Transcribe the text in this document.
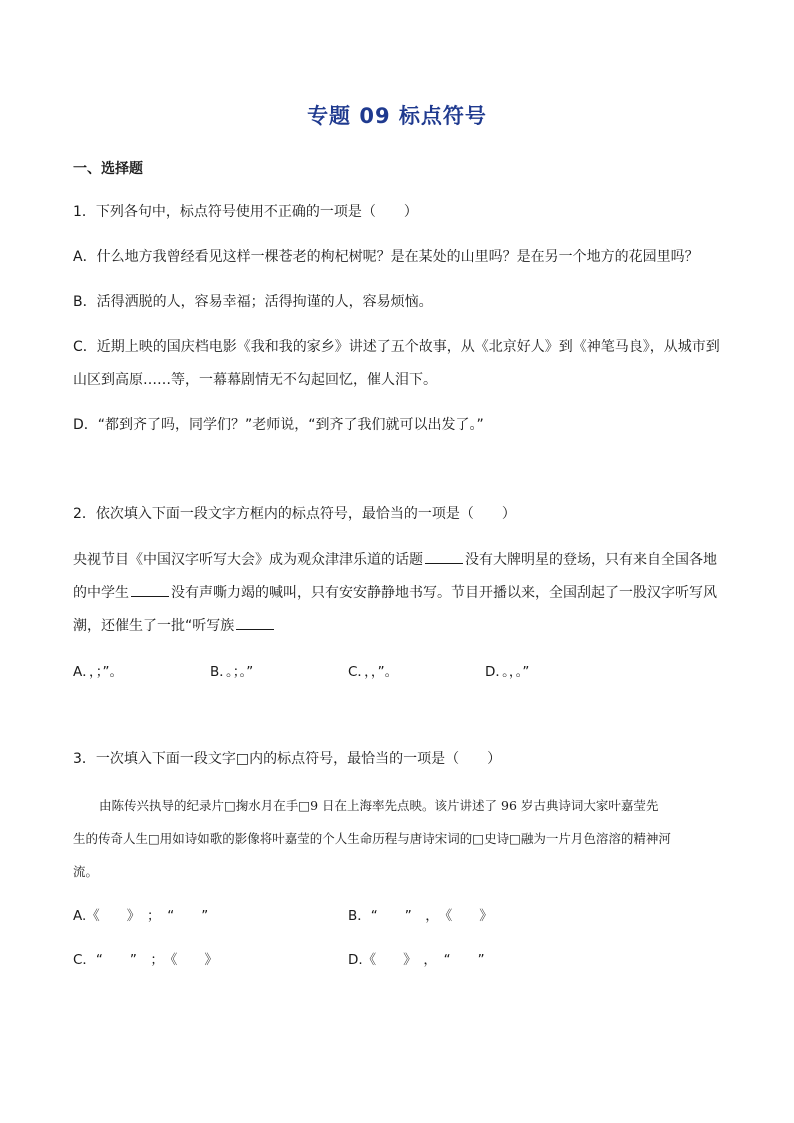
专题 09 标点符号
一、选择题
1．下列各句中，标点符号使用不正确的一项是（　　）
A．什么地方我曾经看见这样一棵苍老的枸杞树呢？是在某处的山里吗？是在另一个地方的花园里吗？
B．活得洒脱的人，容易幸福；活得拘谨的人，容易烦恼。
C．近期上映的国庆档电影《我和我的家乡》讲述了五个故事，从《北京好人》到《神笔马良》，从城市到
山区到高原……等，一幕幕剧情无不勾起回忆，催人泪下。
D．“都到齐了吗，同学们？”老师说，“到齐了我们就可以出发了。”
2．依次填入下面一段文字方框内的标点符号，最恰当的一项是（　　）
央视节目《中国汉字听写大会》成为观众津津乐道的话题	没有大牌明星的登场，只有来自全国各地
的中学生	没有声嘶力竭的喊叫，只有安安静静地书写。节目开播以来，全国刮起了一股汉字听写风
潮，还催生了一批“听写族
A．，；”。	B．。；。”	C．，，”。	D．。，。”
3．一次填入下面一段文字□内的标点符号，最恰当的一项是（　　）
由陈传兴执导的纪录片□掬水月在手□9 日在上海率先点映。该片讲述了 96 岁古典诗词大家叶嘉莹先
生的传奇人生□用如诗如歌的影像将叶嘉莹的个人生命历程与唐诗宋词的□史诗□融为一片月色溶溶的精神河
流。
A.《　　》　；　“　　”	B．“　　”　，　《　　》
C．“　　”　；　《　　》	D.《　　》　，　“　　”
